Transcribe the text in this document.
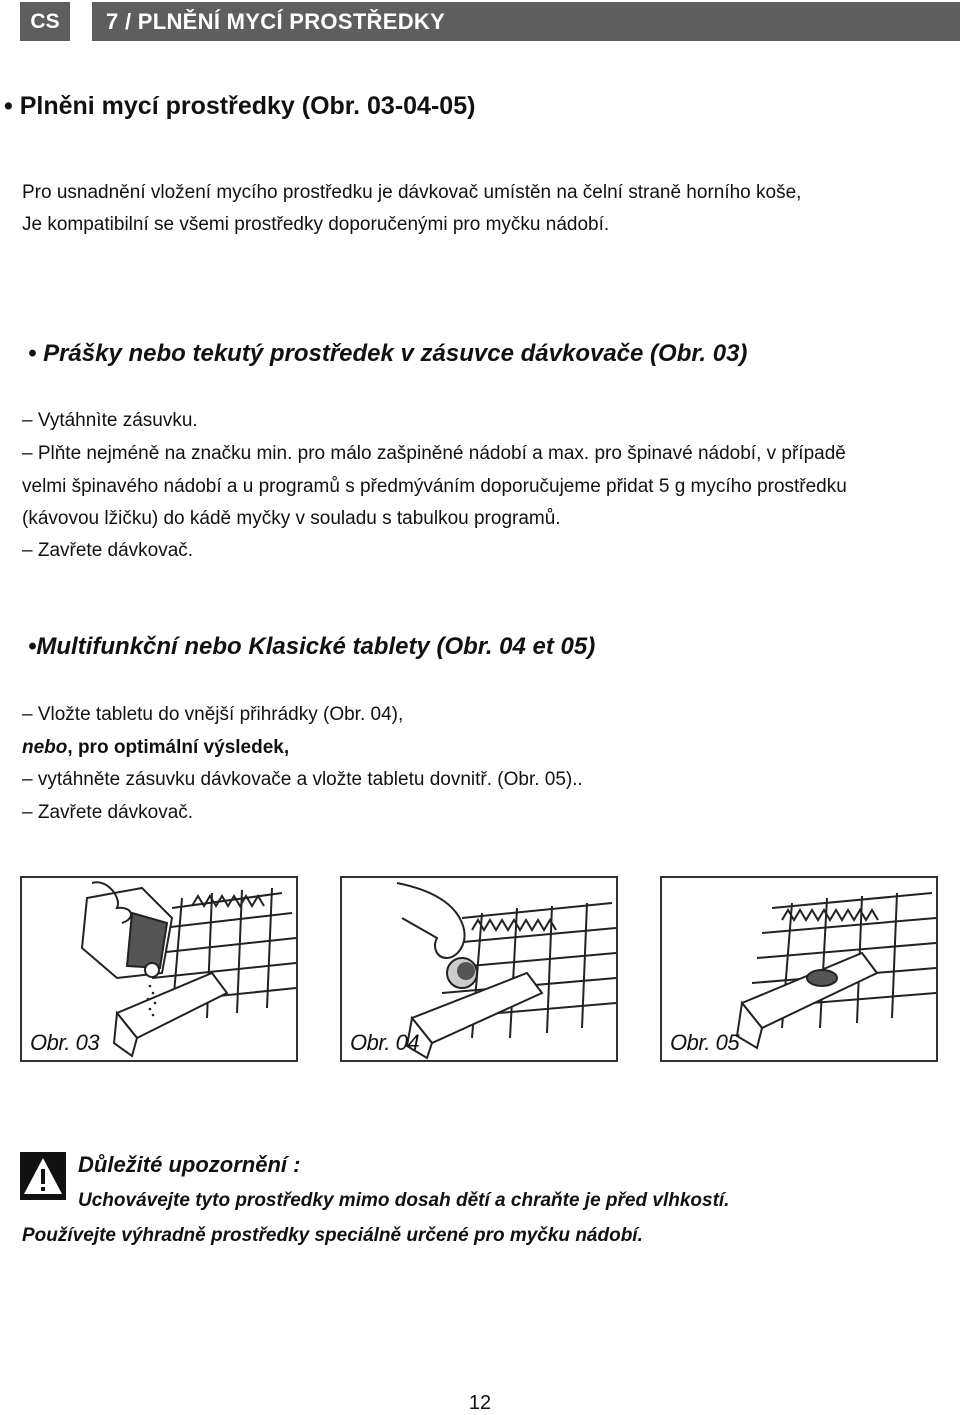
CS	7 / PLNĚNÍ MYCÍ PROSTŘEDKY
• Plněni mycí prostředky (Obr. 03-04-05)
Pro usnadnění vložení mycího prostředku je dávkovač umístěn na čelní straně horního koše,
Je kompatibilní se všemi prostředky doporučenými pro myčku nádobí.
• Prášky nebo tekutý prostředek v zásuvce dávkovače (Obr. 03)
– Vytáhnìte zásuvku.
– Plňte nejméně na značku min. pro málo zašpiněné nádobí a max. pro špinavé nádobí, v případě
velmi špinavého nádobí a u programů s předmýváním doporučujeme přidat 5 g mycího prostředku
(kávovou lžičku) do kádě myčky v souladu s tabulkou programů.
– Zavřete dávkovač.
•Multifunkční nebo Klasické tablety (Obr. 04 et 05)
– Vložte tabletu do vnější přihrádky (Obr. 04),
nebo, pro optimální výsledek,
– vytáhněte zásuvku dávkovače a vložte tabletu dovnitř. (Obr. 05)..
– Zavřete dávkovač.
Obr. 03	Obr. 04	Obr. 05
Důležité upozornění :
Uchovávejte tyto prostředky mimo dosah dětí a chraňte je před vlhkostí.
Používejte výhradně prostředky speciálně určené pro myčku nádobí.
12
